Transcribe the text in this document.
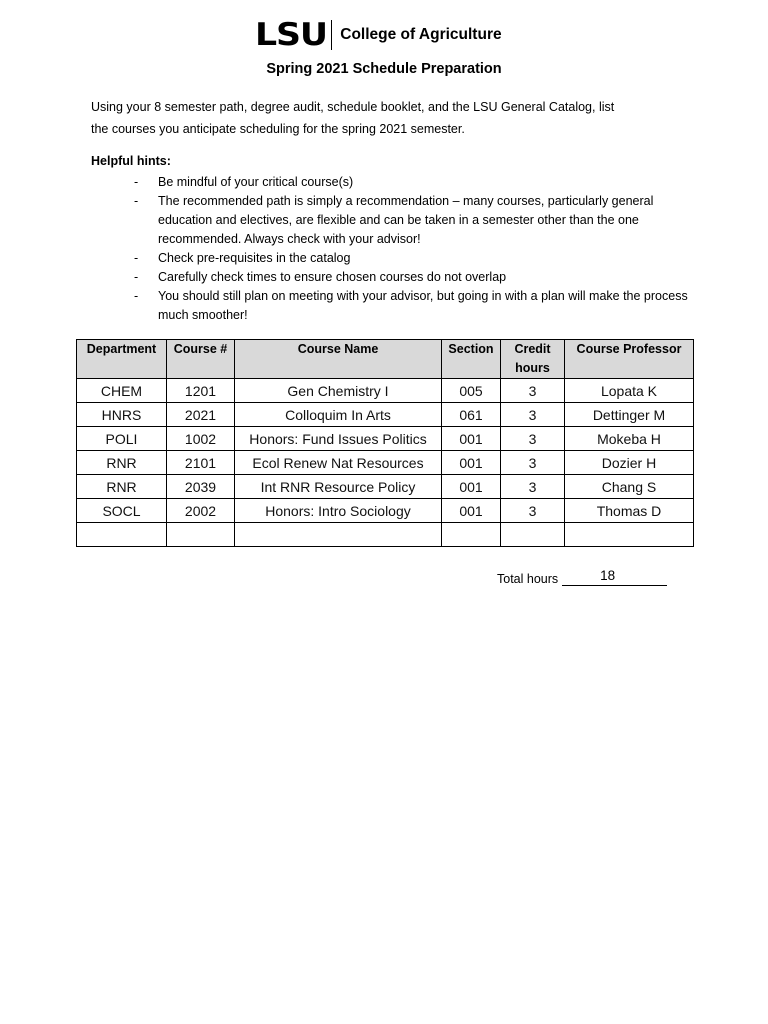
LSU College of Agriculture
Spring 2021 Schedule Preparation
Using your 8 semester path, degree audit, schedule booklet, and the LSU General Catalog, list
the courses you anticipate scheduling for the spring 2021 semester.
Helpful hints:
- Be mindful of your critical course(s)
- The recommended path is simply a recommendation – many courses, particularly general education and electives, are flexible and can be taken in a semester other than the one recommended. Always check with your advisor!
- Check pre-requisites in the catalog
- Carefully check times to ensure chosen courses do not overlap
- You should still plan on meeting with your advisor, but going in with a plan will make the process much smoother!
Department	Course #	Course Name	Section	Credit hours	Course Professor
CHEM	1201	Gen Chemistry I	005	3	Lopata K
HNRS	2021	Colloquim In Arts	061	3	Dettinger M
POLI	1002	Honors: Fund Issues Politics	001	3	Mokeba H
RNR	2101	Ecol Renew Nat Resources	001	3	Dozier H
RNR	2039	Int RNR Resource Policy	001	3	Chang S
SOCL	2002	Honors: Intro Sociology	001	3	Thomas D

Total hours	18
